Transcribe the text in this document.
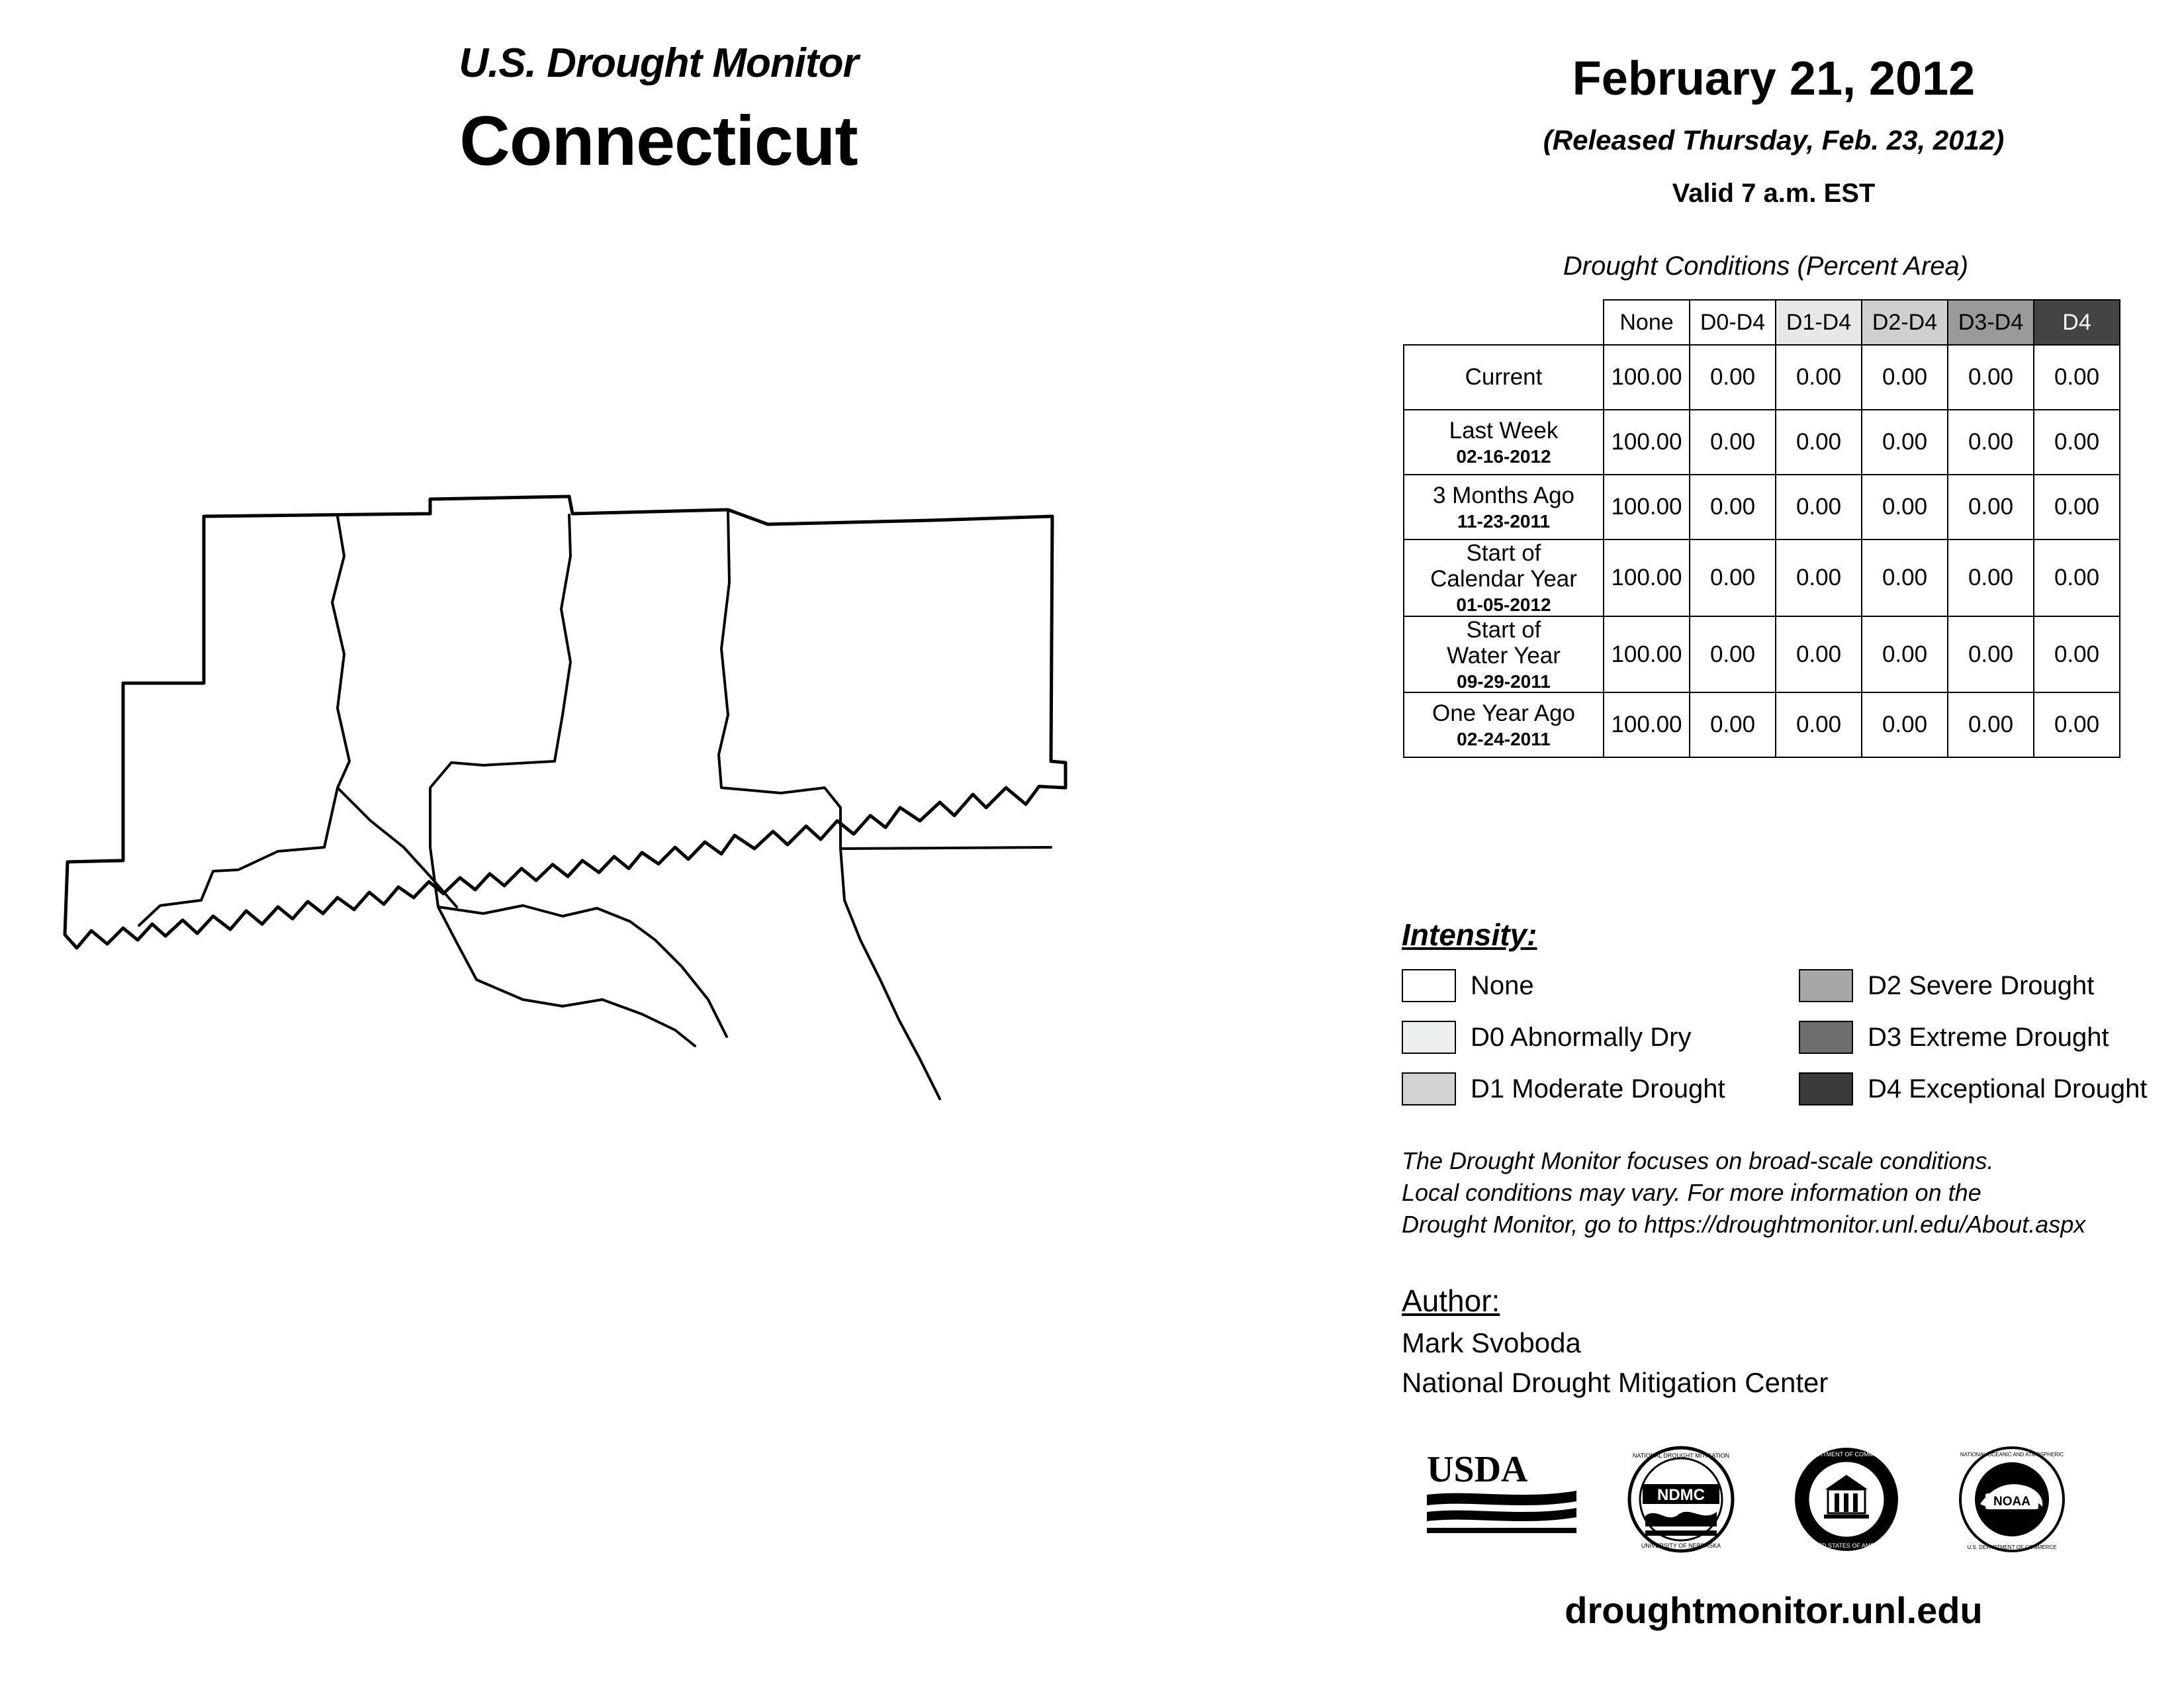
U.S. Drought Monitor
Connecticut
February 21, 2012
(Released Thursday, Feb. 23, 2012)
Valid 7 a.m. EST
Drought Conditions (Percent Area)
	None	D0-D4	D1-D4	D2-D4	D3-D4	D4
Current	100.00	0.00	0.00	0.00	0.00	0.00
Last Week
02-16-2012	100.00	0.00	0.00	0.00	0.00	0.00
3 Months Ago
11-23-2011	100.00	0.00	0.00	0.00	0.00	0.00
Start of
Calendar Year
01-05-2012	100.00	0.00	0.00	0.00	0.00	0.00
Start of
Water Year
09-29-2011	100.00	0.00	0.00	0.00	0.00	0.00
One Year Ago
02-24-2011	100.00	0.00	0.00	0.00	0.00	0.00
Intensity:
None
D0 Abnormally Dry
D1 Moderate Drought
D2 Severe Drought
D3 Extreme Drought
D4 Exceptional Drought
The Drought Monitor focuses on broad-scale conditions.
Local conditions may vary. For more information on the
Drought Monitor, go to https://droughtmonitor.unl.edu/About.aspx
Author:
Mark Svoboda
National Drought Mitigation Center
USDA
NDMC
NATIONAL DROUGHT MITIGATION
UNIVERSITY OF NEBRASKA
DEPARTMENT OF COMMERCE
UNITED STATES OF AMERICA
NOAA
NATIONAL OCEANIC AND ATMOSPHERIC
U.S. DEPARTMENT OF COMMERCE
droughtmonitor.unl.edu
